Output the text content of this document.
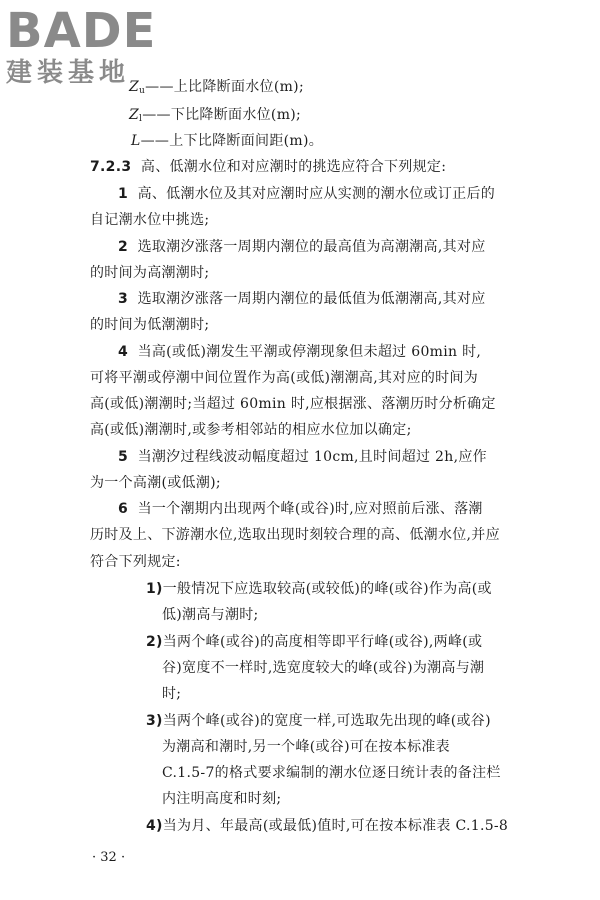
BADE
建装基地
Zu——上比降断面水位(m);
Zl——下比降断面水位(m);
L——上下比降断面间距(m)。
7.2.3 高、低潮水位和对应潮时的挑选应符合下列规定:
1 高、低潮水位及其对应潮时应从实测的潮水位或订正后的
自记潮水位中挑选;
2 选取潮汐涨落一周期内潮位的最高值为高潮潮高,其对应
的时间为高潮潮时;
3 选取潮汐涨落一周期内潮位的最低值为低潮潮高,其对应
的时间为低潮潮时;
4 当高(或低)潮发生平潮或停潮现象但未超过 60min 时,
可将平潮或停潮中间位置作为高(或低)潮潮高,其对应的时间为
高(或低)潮潮时;当超过 60min 时,应根据涨、落潮历时分析确定
高(或低)潮潮时,或参考相邻站的相应水位加以确定;
5 当潮汐过程线波动幅度超过 10cm,且时间超过 2h,应作
为一个高潮(或低潮);
6 当一个潮期内出现两个峰(或谷)时,应对照前后涨、落潮
历时及上、下游潮水位,选取出现时刻较合理的高、低潮水位,并应
符合下列规定:
1)一般情况下应选取较高(或较低)的峰(或谷)作为高(或
低)潮高与潮时;
2)当两个峰(或谷)的高度相等即平行峰(或谷),两峰(或
谷)宽度不一样时,选宽度较大的峰(或谷)为潮高与潮
时;
3)当两个峰(或谷)的宽度一样,可选取先出现的峰(或谷)
为潮高和潮时,另一个峰(或谷)可在按本标准表
C.1.5-7的格式要求编制的潮水位逐日统计表的备注栏
内注明高度和时刻;
4)当为月、年最高(或最低)值时,可在按本标准表 C.1.5-8
· 32 ·
